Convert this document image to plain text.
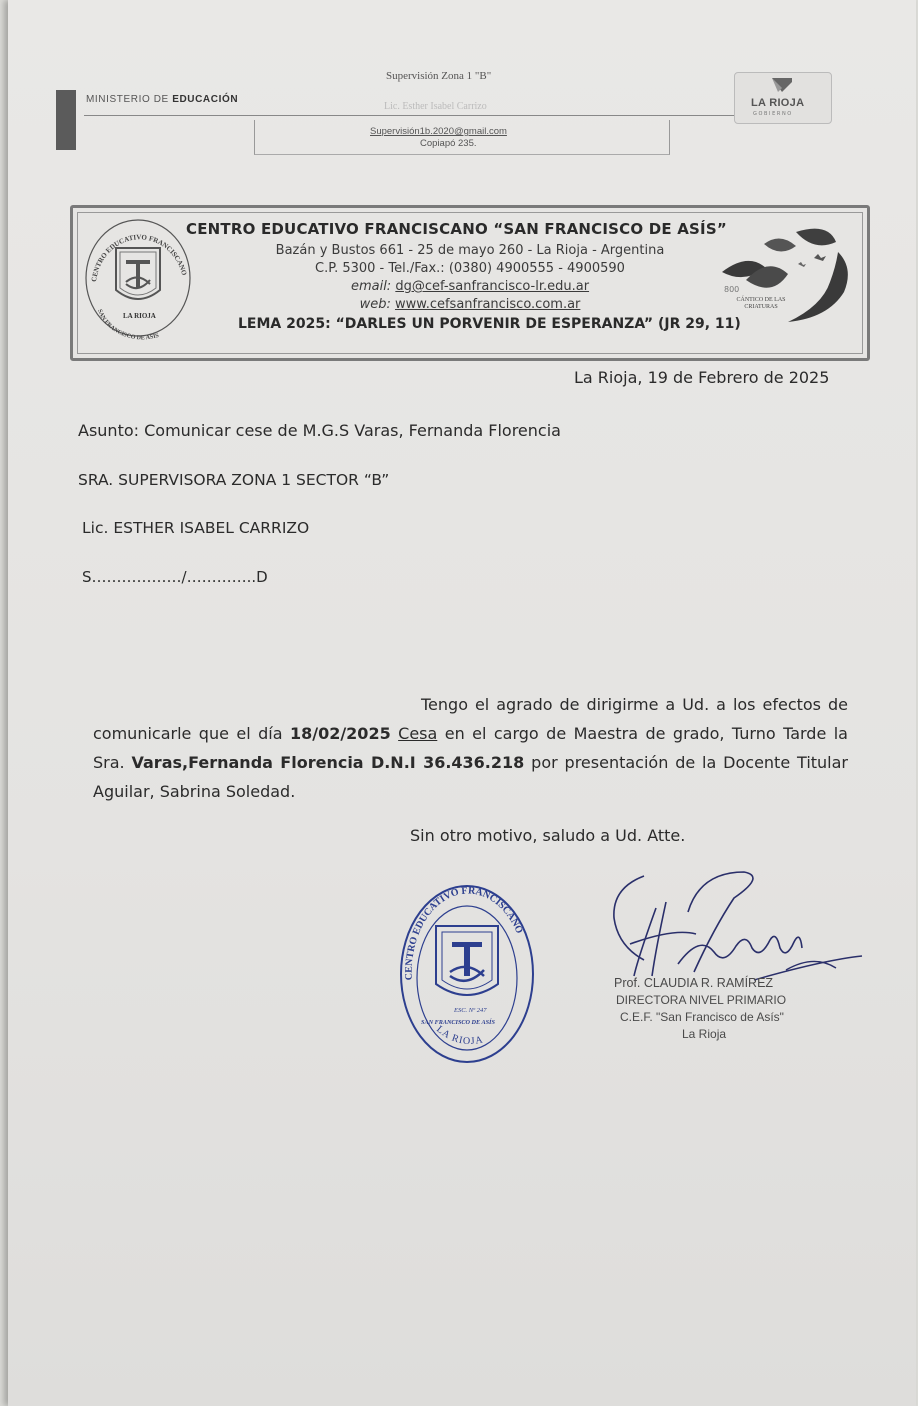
MINISTERIO DE EDUCACIÓN
Supervisión Zona 1 "B"
Lic. Esther Isabel Carrizo
Supervisión1b.2020@gmail.com
Copiapó 235.
LA RIOJA
GOBIERNO
CENTRO EDUCATIVO FRANCISCANO
SAN FRANCISCO DE ASÍS
LA RIOJA
CENTRO EDUCATIVO FRANCISCANO “SAN FRANCISCO DE ASÍS”
Bazán y Bustos 661 - 25 de mayo 260 - La Rioja - Argentina
C.P. 5300 - Tel./Fax.: (0380) 4900555 - 4900590
email: dg@cef-sanfrancisco-lr.edu.ar
web: www.cefsanfrancisco.com.ar
LEMA 2025: “DARLES UN PORVENIR DE ESPERANZA” (JR 29, 11)
800
CÁNTICO DE LAS CRIATURAS
La Rioja, 19 de Febrero de 2025
Asunto: Comunicar cese de M.G.S Varas, Fernanda Florencia
SRA. SUPERVISORA ZONA 1 SECTOR “B”
Lic. ESTHER ISABEL CARRIZO
S………………/…………..D
Tengo el agrado de dirigirme a Ud. a los efectos de comunicarle que el día 18/02/2025 Cesa en el cargo de Maestra de grado, Turno Tarde la Sra. Varas,Fernanda Florencia D.N.I 36.436.218 por presentación de la Docente Titular Aguilar, Sabrina Soledad.
Sin otro motivo, saludo a Ud. Atte.
CENTRO EDUCATIVO FRANCISCANO
ESC. Nº 247
SAN FRANCISCO DE ASÍS
LA RIOJA
Prof. CLAUDIA R. RAMÍREZ
DIRECTORA NIVEL PRIMARIO
C.E.F. "San Francisco de Asís"
La Rioja
